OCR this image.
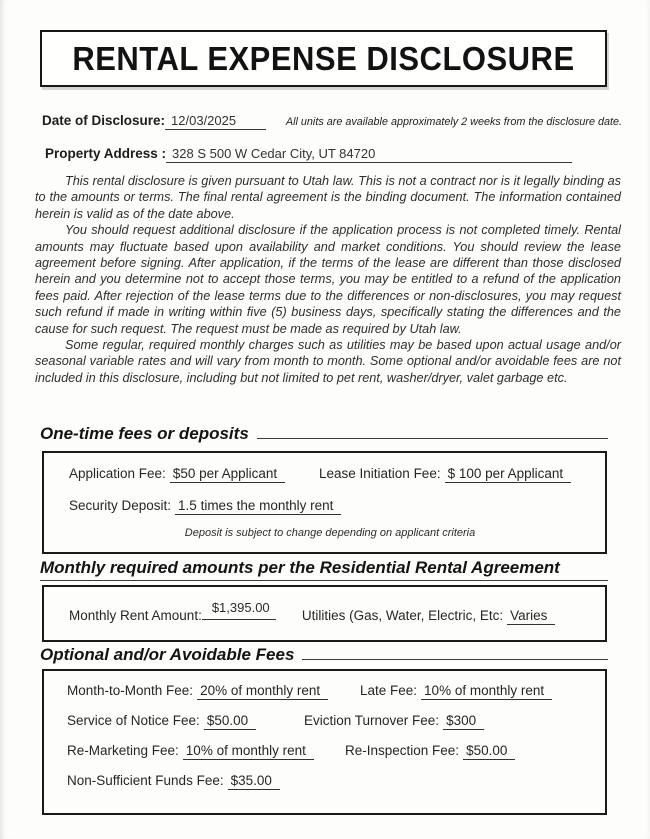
RENTAL EXPENSE DISCLOSURE
Date of Disclosure: 12/03/2025	All units are available approximately 2 weeks from the disclosure date.
Property Address : 328 S 500 W Cedar City, UT 84720

This rental disclosure is given pursuant to Utah law. This is not a contract nor is it legally binding as to the amounts or terms. The final rental agreement is the binding document. The information contained herein is valid as of the date above.

You should request additional disclosure if the application process is not completed timely. Rental amounts may fluctuate based upon availability and market conditions. You should review the lease agreement before signing. After application, if the terms of the lease are different than those disclosed herein and you determine not to accept those terms, you may be entitled to a refund of the application fees paid. After rejection of the lease terms due to the differences or non-disclosures, you may request such refund if made in writing within five (5) business days, specifically stating the differences and the cause for such request. The request must be made as required by Utah law.

Some regular, required monthly charges such as utilities may be based upon actual usage and/or seasonal variable rates and will vary from month to month. Some optional and/or avoidable fees are not included in this disclosure, including but not limited to pet rent, washer/dryer, valet garbage etc.

One-time fees or deposits
Application Fee: $50 per Applicant	Lease Initiation Fee: $ 100 per Applicant
Security Deposit: 1.5 times the monthly rent
Deposit is subject to change depending on applicant criteria
Monthly required amounts per the Residential Rental Agreement
Monthly Rent Amount:
$1,395.00
Utilities (Gas, Water, Electric, Etc: Varies
Optional and/or Avoidable Fees
Month-to-Month Fee: 20% of monthly rent	Late Fee: 10% of monthly rent
Service of Notice Fee: $50.00	Eviction Turnover Fee: $300
Re-Marketing Fee: 10% of monthly rent	Re-Inspection Fee: $50.00
Non-Sufficient Funds Fee: $35.00
